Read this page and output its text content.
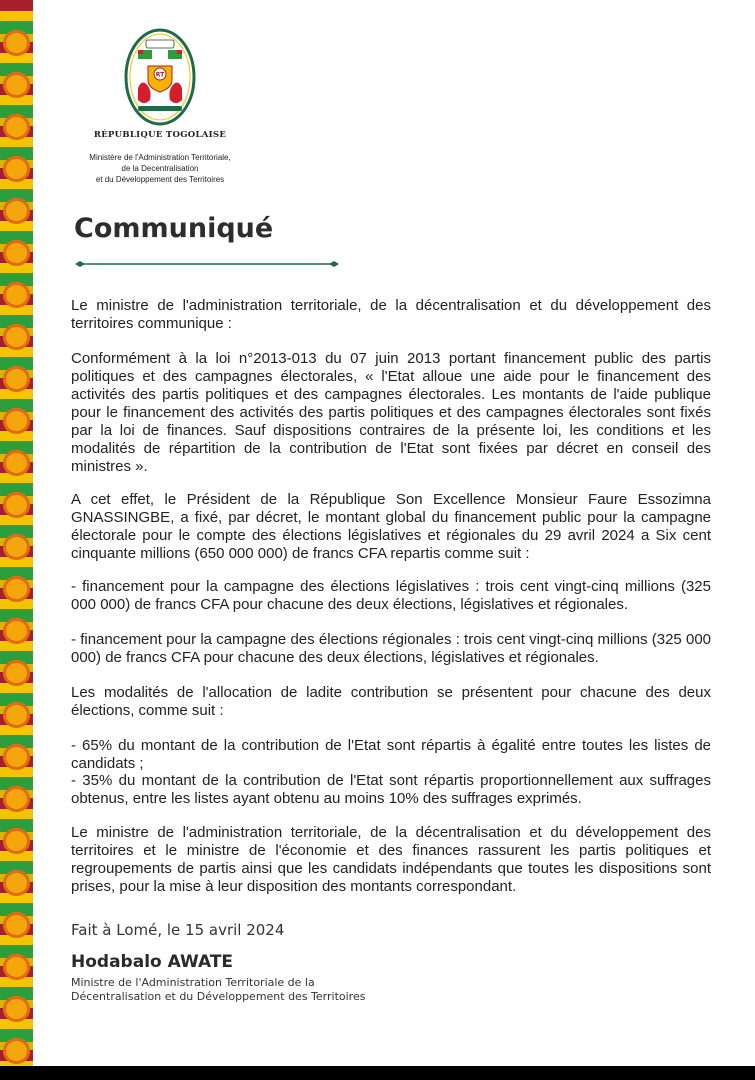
RT
RÉPUBLIQUE TOGOLAISE
Ministère de l'Administration Territoriale,
de la Decentralisation
et du Développement des Territoires
Communiqué

Le ministre de l'administration territoriale, de la décentralisation et du développement des territoires communique :

Conformément à la loi n°2013-013 du 07 juin 2013 portant financement public des partis politiques et des campagnes électorales, « l'Etat alloue une aide pour le financement des activités des partis politiques et des campagnes électorales. Les montants de l'aide publique pour le financement des activités des partis politiques et des campagnes électorales sont fixés par la loi de finances. Sauf dispositions contraires de la présente loi, les conditions et les modalités de répartition de la contribution de l'Etat sont fixées par décret en conseil des ministres ».

A cet effet, le Président de la République Son Excellence Monsieur Faure Essozimna GNASSINGBE, a fixé, par décret, le montant global du financement public pour la campagne électorale pour le compte des élections législatives et régionales du 29 avril 2024 a Six cent cinquante millions (650 000 000) de francs CFA repartis comme suit :

- financement pour la campagne des élections législatives : trois cent vingt-cinq millions (325 000 000) de francs CFA pour chacune des deux élections, législatives et régionales.

- financement pour la campagne des élections régionales : trois cent vingt-cinq millions (325 000 000) de francs CFA pour chacune des deux élections, législatives et régionales.

Les modalités de l'allocation de ladite contribution se présentent pour chacune des deux élections, comme suit :

- 65% du montant de la contribution de l'Etat sont répartis à égalité entre toutes les listes de candidats ;

- 35% du montant de la contribution de l'Etat sont répartis proportionnellement aux suffrages obtenus, entre les listes ayant obtenu au moins 10% des suffrages exprimés.

Le ministre de l'administration territoriale, de la décentralisation et du développement des territoires et le ministre de l'économie et des finances rassurent les partis politiques et regroupements de partis ainsi que les candidats indépendants que toutes les dispositions sont prises, pour la mise à leur disposition des montants correspondant.

Fait à Lomé, le 15 avril 2024
Hodabalo AWATE
Ministre de l'Administration Territoriale de la
Décentralisation et du Développement des Territoires
